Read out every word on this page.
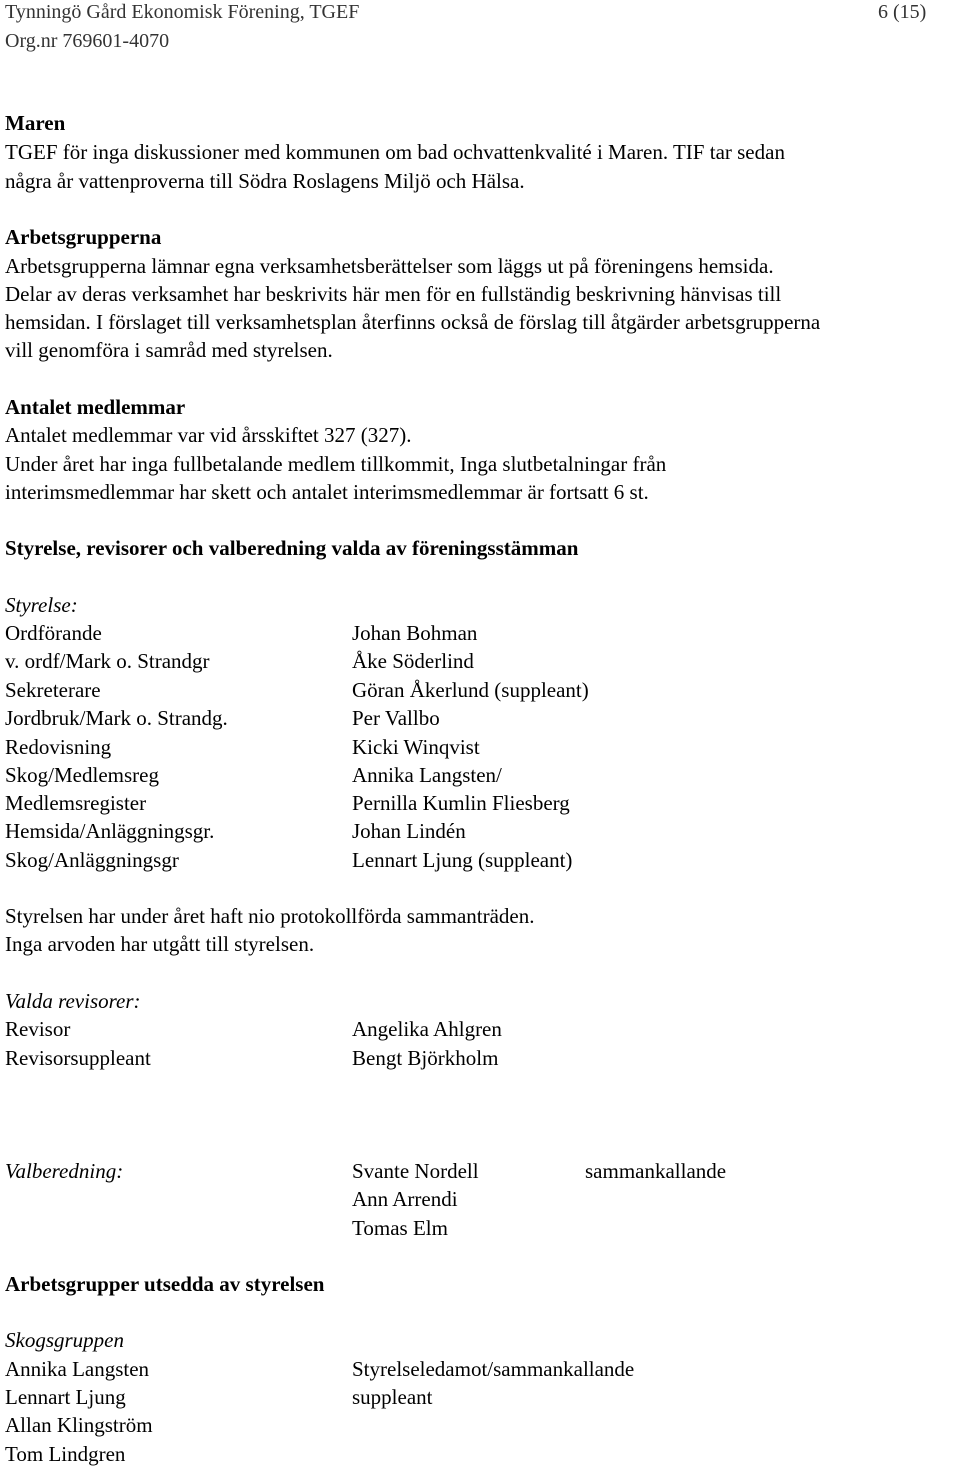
Tynningö Gård Ekonomisk Förening, TGEF
Org.nr 769601-4070
6 (15)
Maren
TGEF för inga diskussioner med kommunen om bad ochvattenkvalité i Maren. TIF tar sedan
några år vattenproverna till Södra Roslagens Miljö och Hälsa.
Arbetsgrupperna
Arbetsgrupperna lämnar egna verksamhetsberättelser som läggs ut på föreningens hemsida.
Delar av deras verksamhet har beskrivits här men för en fullständig beskrivning hänvisas till
hemsidan. I förslaget till verksamhetsplan återfinns också de förslag till åtgärder arbetsgrupperna
vill genomföra i samråd med styrelsen.
Antalet medlemmar
Antalet medlemmar var vid årsskiftet 327 (327).
Under året har inga fullbetalande medlem tillkommit, Inga slutbetalningar från
interimsmedlemmar har skett och antalet interimsmedlemmar är fortsatt 6 st.
Styrelse, revisorer och valberedning valda av föreningsstämman
Styrelse:
Ordförande	Johan Bohman
v. ordf/Mark o. Strandgr	Åke Söderlind
Sekreterare	Göran Åkerlund (suppleant)
Jordbruk/Mark o. Strandg.	Per Vallbo
Redovisning	Kicki Winqvist
Skog/Medlemsreg	Annika Langsten/
Medlemsregister	Pernilla Kumlin Fliesberg
Hemsida/Anläggningsgr.	Johan Lindén
Skog/Anläggningsgr	Lennart Ljung (suppleant)
Styrelsen har under året haft nio protokollförda sammanträden.
Inga arvoden har utgått till styrelsen.
Valda revisorer:
Revisor	Angelika Ahlgren
Revisorsuppleant	Bengt Björkholm
Valberedning:	Svante Nordell	sammankallande
Ann Arrendi
Tomas Elm
Arbetsgrupper utsedda av styrelsen
Skogsgruppen
Annika Langsten	Styrelseledamot/sammankallande
Lennart Ljung	suppleant
Allan Klingström
Tom Lindgren
